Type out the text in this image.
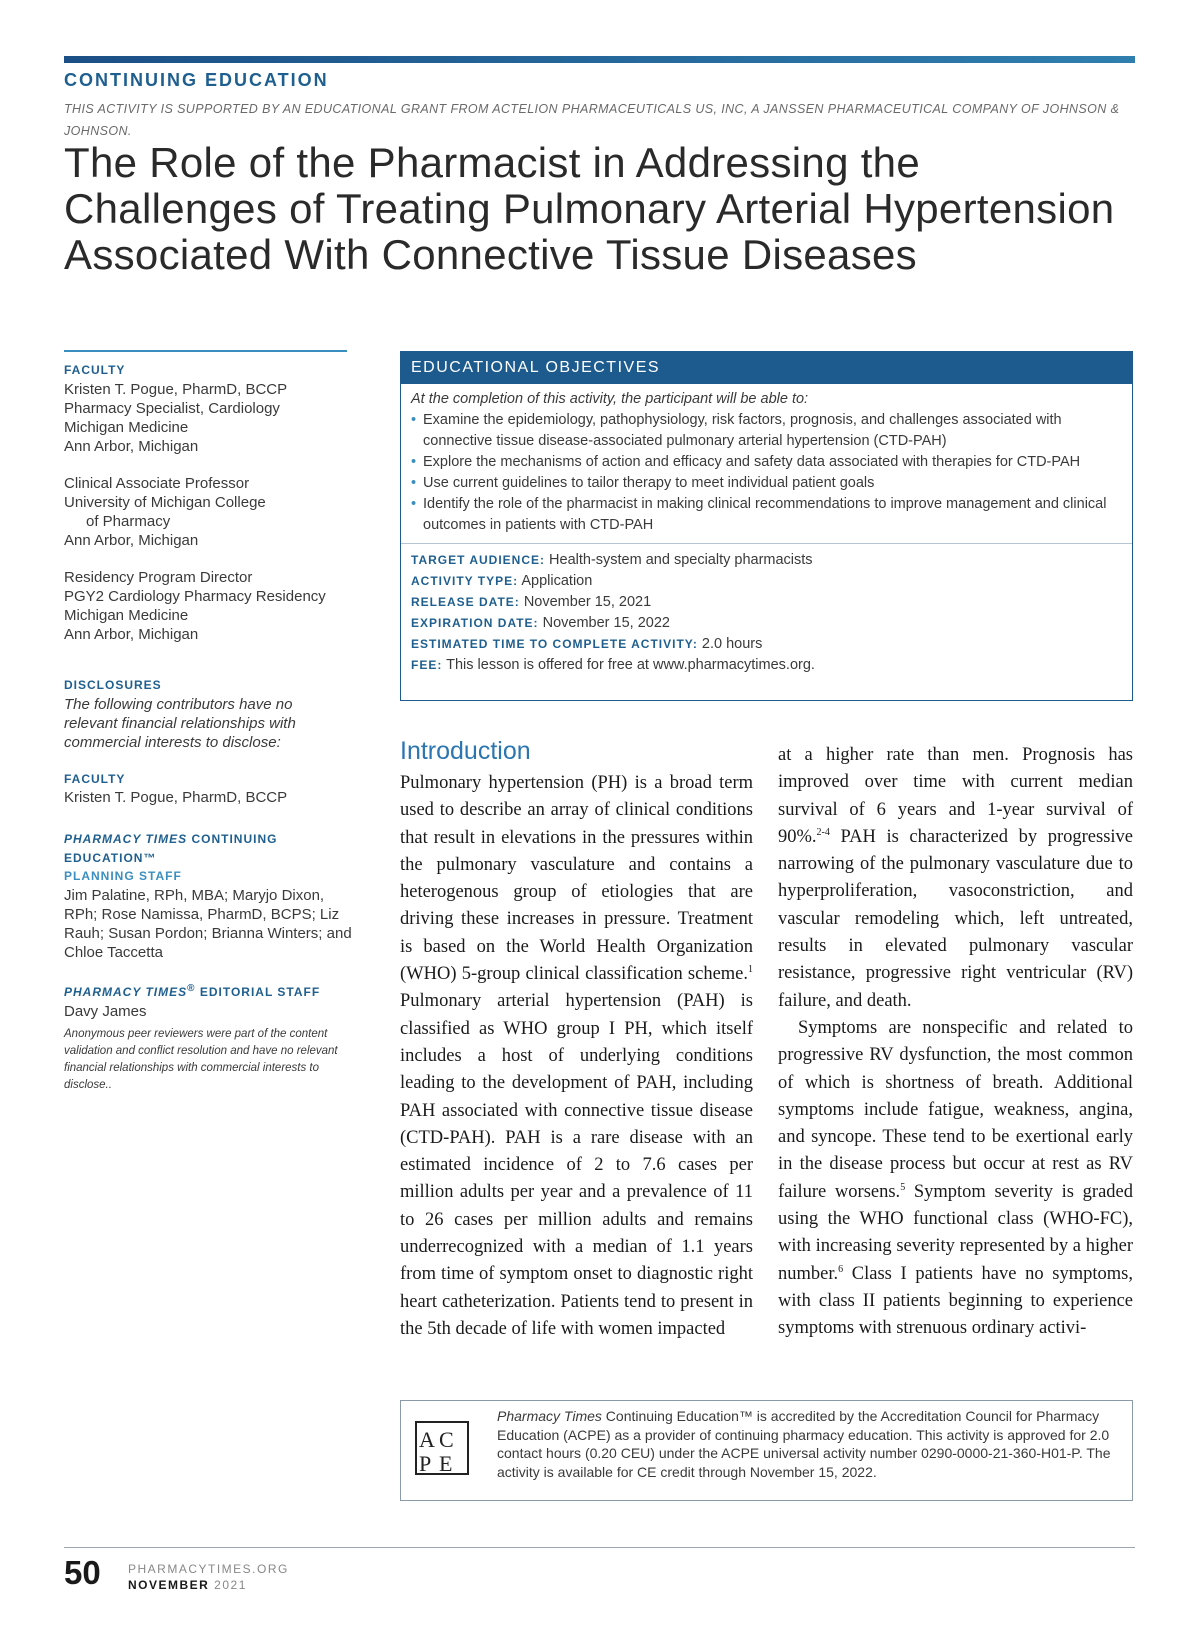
CONTINUING EDUCATION
THIS ACTIVITY IS SUPPORTED BY AN EDUCATIONAL GRANT FROM ACTELION PHARMACEUTICALS US, INC, A JANSSEN PHARMACEUTICAL COMPANY OF JOHNSON & JOHNSON.
The Role of the Pharmacist in Addressing the Challenges of Treating Pulmonary Arterial Hypertension Associated With Connective Tissue Diseases
FACULTY
Kristen T. Pogue, PharmD, BCCP
Pharmacy Specialist, Cardiology
Michigan Medicine
Ann Arbor, Michigan
Clinical Associate Professor
University of Michigan College
of Pharmacy
Ann Arbor, Michigan
Residency Program Director
PGY2 Cardiology Pharmacy Residency
Michigan Medicine
Ann Arbor, Michigan
DISCLOSURES
The following contributors have no relevant financial relationships with commercial interests to disclose:
FACULTY
Kristen T. Pogue, PharmD, BCCP
PHARMACY TIMES CONTINUING EDUCATION™
PLANNING STAFF
Jim Palatine, RPh, MBA; Maryjo Dixon, RPh; Rose Namissa, PharmD, BCPS; Liz Rauh; Susan Pordon; Brianna Winters; and Chloe Taccetta
PHARMACY TIMES® EDITORIAL STAFF
Davy James
Anonymous peer reviewers were part of the content validation and conflict resolution and have no relevant financial relationships with commercial interests to disclose..
EDUCATIONAL OBJECTIVES
At the completion of this activity, the participant will be able to:
• Examine the epidemiology, pathophysiology, risk factors, prognosis, and challenges associated with connective tissue disease-associated pulmonary arterial hypertension (CTD-PAH)
• Explore the mechanisms of action and efficacy and safety data associated with therapies for CTD-PAH
• Use current guidelines to tailor therapy to meet individual patient goals
• Identify the role of the pharmacist in making clinical recommendations to improve management and clinical outcomes in patients with CTD-PAH
TARGET AUDIENCE: Health-system and specialty pharmacists
ACTIVITY TYPE: Application
RELEASE DATE: November 15, 2021
EXPIRATION DATE: November 15, 2022
ESTIMATED TIME TO COMPLETE ACTIVITY: 2.0 hours
FEE: This lesson is offered for free at www.pharmacytimes.org.
Introduction

Pulmonary hypertension (PH) is a broad term used to describe an array of clinical conditions that result in elevations in the pressures within the pulmonary vasculature and contains a heterogenous group of etiologies that are driving these increases in pressure. Treatment is based on the World Health Organization (WHO) 5-group clinical classification scheme.$^1$ Pulmonary arterial hypertension (PAH) is classified as WHO group I PH, which itself includes a host of underlying conditions leading to the development of PAH, including PAH associated with connective tissue disease (CTD-PAH). PAH is a rare disease with an estimated incidence of 2 to 7.6 cases per million adults per year and a prevalence of 11 to 26 cases per million adults and remains underrecognized with a median of 1.1 years from time of symptom onset to diagnostic right heart catheterization. Patients tend to present in the 5th decade of life with women impacted

at a higher rate than men. Prognosis has improved over time with current median survival of 6 years and 1-year survival of 90%.$^{2-4}$ PAH is characterized by progressive narrowing of the pulmonary vasculature due to hyperproliferation, vasoconstriction, and vascular remodeling which, left untreated, results in elevated pulmonary vascular resistance, progressive right ventricular (RV) failure, and death.

Symptoms are nonspecific and related to progressive RV dysfunction, the most common of which is shortness of breath. Additional symptoms include fatigue, weakness, angina, and syncope. These tend to be exertional early in the disease process but occur at rest as RV failure worsens.$^5$ Symptom severity is graded using the WHO functional class (WHO-FC), with increasing severity represented by a higher number.$^6$ Class I patients have no symptoms, with class II patients beginning to experience symptoms with strenuous ordinary activi-

A C
P E
Pharmacy Times Continuing Education™ is accredited by the Accreditation Council for Pharmacy Education (ACPE) as a provider of continuing pharmacy education. This activity is approved for 2.0 contact hours (0.20 CEU) under the ACPE universal activity number 0290-0000-21-360-H01-P. The activity is available for CE credit through November 15, 2022.
50 PHARMACYTIMES.ORG
NOVEMBER 2021
